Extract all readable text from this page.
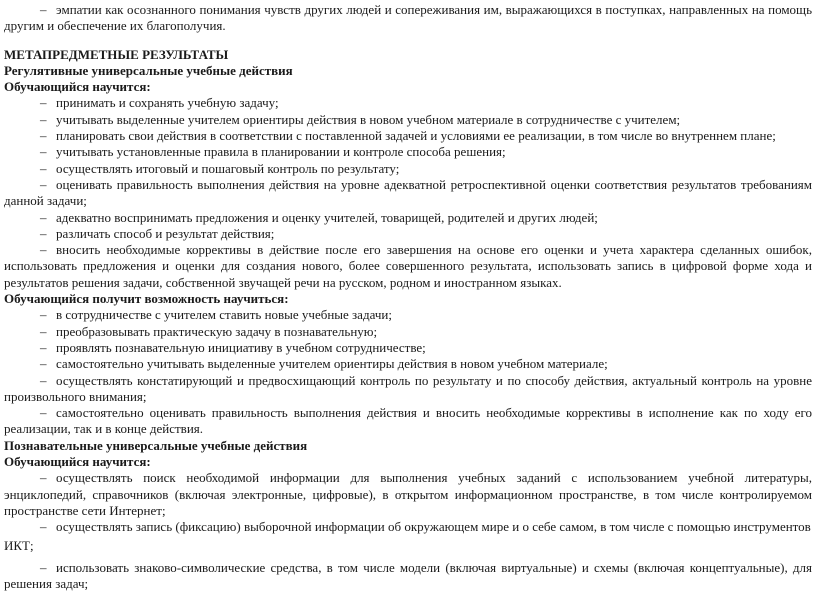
– эмпатии как осознанного понимания чувств других людей и сопереживания им, выражающихся в поступках, направленных на помощь другим и обеспечение их благополучия.

МЕТАПРЕДМЕТНЫЕ РЕЗУЛЬТАТЫ

Регулятивные универсальные учебные действия

Обучающийся научится:

– принимать и сохранять учебную задачу;

– учитывать выделенные учителем ориентиры действия в новом учебном материале в сотрудничестве с учителем;

– планировать свои действия в соответствии с поставленной задачей и условиями ее реализации, в том числе во внутреннем плане;

– учитывать установленные правила в планировании и контроле способа решения;

– осуществлять итоговый и пошаговый контроль по результату;

– оценивать правильность выполнения действия на уровне адекватной ретроспективной оценки соответствия результатов требованиям данной задачи;

– адекватно воспринимать предложения и оценку учителей, товарищей, родителей и других людей;

– различать способ и результат действия;

– вносить необходимые коррективы в действие после его завершения на основе его оценки и учета характера сделанных ошибок, использовать предложения и оценки для создания нового, более совершенного результата, использовать запись в цифровой форме хода и результатов решения задачи, собственной звучащей речи на русском, родном и иностранном языках.

Обучающийся получит возможность научиться:

– в сотрудничестве с учителем ставить новые учебные задачи;

– преобразовывать практическую задачу в познавательную;

– проявлять познавательную инициативу в учебном сотрудничестве;

– самостоятельно учитывать выделенные учителем ориентиры действия в новом учебном материале;

– осуществлять констатирующий и предвосхищающий контроль по результату и по способу действия, актуальный контроль на уровне произвольного внимания;

– самостоятельно оценивать правильность выполнения действия и вносить необходимые коррективы в исполнение как по ходу его реализации, так и в конце действия.

Познавательные универсальные учебные действия

Обучающийся научится:

– осуществлять поиск необходимой информации для выполнения учебных заданий с использованием учебной литературы, энциклопедий, справочников (включая электронные, цифровые), в открытом информационном пространстве, в том числе контролируемом пространстве сети Интернет;

– осуществлять запись (фиксацию) выборочной информации об окружающем мире и о себе самом, в том числе с помощью инструментов

ИКТ;

– использовать знаково-символические средства, в том числе модели (включая виртуальные) и схемы (включая концептуальные), для решения задач;
